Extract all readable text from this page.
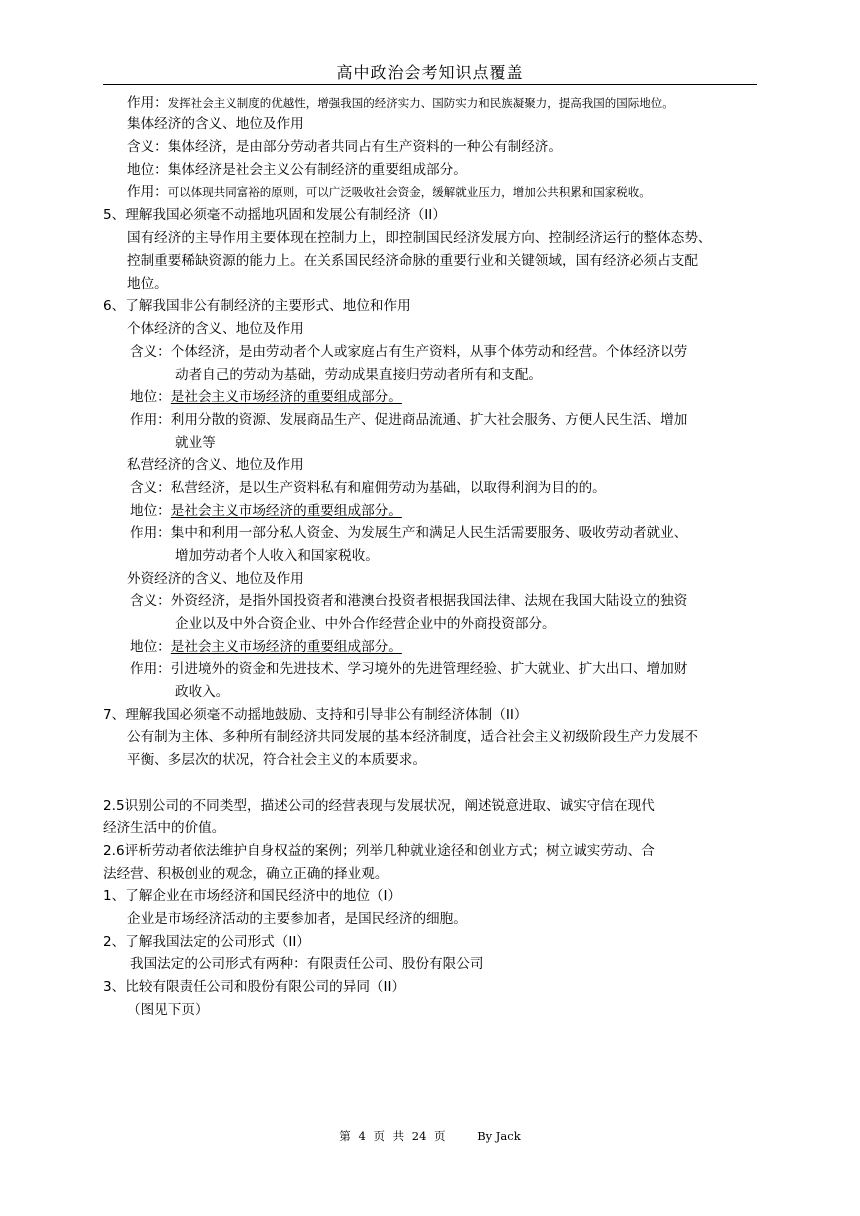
高中政治会考知识点覆盖
作用：发挥社会主义制度的优越性，增强我国的经济实力、国防实力和民族凝聚力，提高我国的国际地位。
集体经济的含义、地位及作用
含义：集体经济，是由部分劳动者共同占有生产资料的一种公有制经济。
地位：集体经济是社会主义公有制经济的重要组成部分。
作用：可以体现共同富裕的原则，可以广泛吸收社会资金，缓解就业压力，增加公共积累和国家税收。
5、理解我国必须毫不动摇地巩固和发展公有制经济（II）
国有经济的主导作用主要体现在控制力上，即控制国民经济发展方向、控制经济运行的整体态势、
控制重要稀缺资源的能力上。在关系国民经济命脉的重要行业和关键领域，国有经济必须占支配
地位。
6、了解我国非公有制经济的主要形式、地位和作用
个体经济的含义、地位及作用
含义：个体经济，是由劳动者个人或家庭占有生产资料，从事个体劳动和经营。个体经济以劳
动者自己的劳动为基础，劳动成果直接归劳动者所有和支配。
地位：是社会主义市场经济的重要组成部分。
作用：利用分散的资源、发展商品生产、促进商品流通、扩大社会服务、方便人民生活、增加
就业等
私营经济的含义、地位及作用
含义：私营经济，是以生产资料私有和雇佣劳动为基础，以取得利润为目的的。
地位：是社会主义市场经济的重要组成部分。
作用：集中和利用一部分私人资金、为发展生产和满足人民生活需要服务、吸收劳动者就业、
增加劳动者个人收入和国家税收。
外资经济的含义、地位及作用
含义：外资经济，是指外国投资者和港澳台投资者根据我国法律、法规在我国大陆设立的独资
企业以及中外合资企业、中外合作经营企业中的外商投资部分。
地位：是社会主义市场经济的重要组成部分。
作用：引进境外的资金和先进技术、学习境外的先进管理经验、扩大就业、扩大出口、增加财
政收入。
7、理解我国必须毫不动摇地鼓励、支持和引导非公有制经济体制（II）
公有制为主体、多种所有制经济共同发展的基本经济制度，适合社会主义初级阶段生产力发展不
平衡、多层次的状况，符合社会主义的本质要求。
2.5识别公司的不同类型，描述公司的经营表现与发展状况，阐述锐意进取、诚实守信在现代
经济生活中的价值。
2.6评析劳动者依法维护自身权益的案例；列举几种就业途径和创业方式；树立诚实劳动、合
法经营、积极创业的观念，确立正确的择业观。
1、了解企业在市场经济和国民经济中的地位（I）
企业是市场经济活动的主要参加者，是国民经济的细胞。
2、了解我国法定的公司形式（II）
我国法定的公司形式有两种：有限责任公司、股份有限公司
3、比较有限责任公司和股份有限公司的异同（II）
（图见下页）
第 4 页 共 24 页	By Jack
